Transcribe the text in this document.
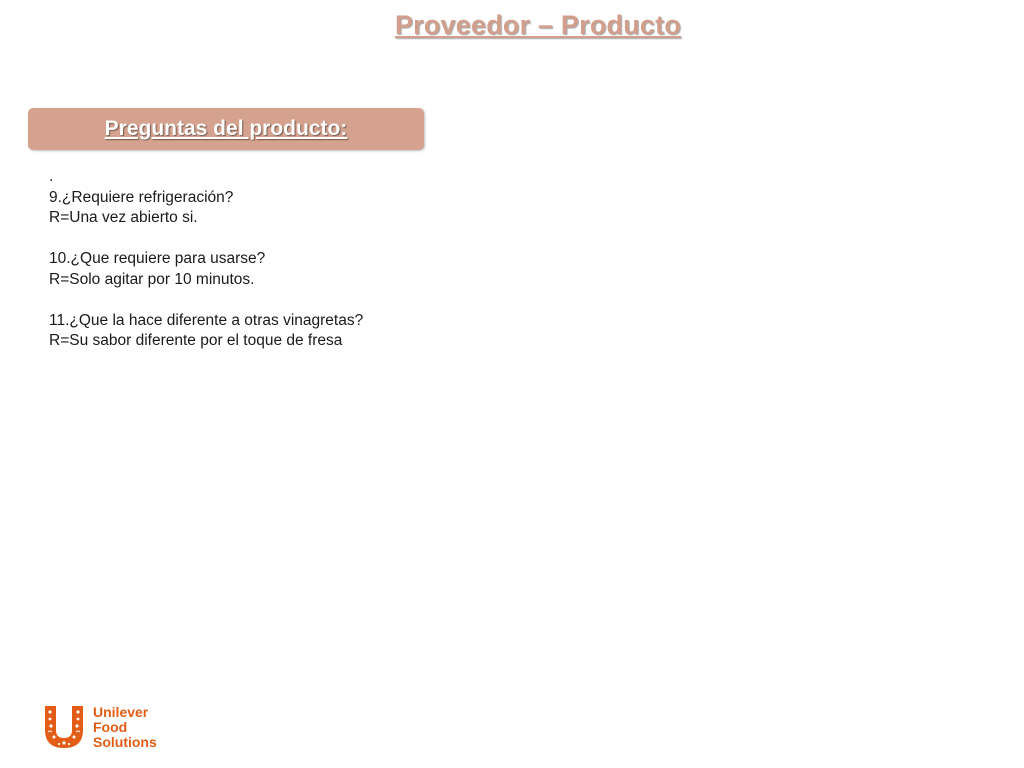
Proveedor – Producto
Preguntas del producto:
.
9.¿Requiere refrigeración?
R=Una vez abierto si.
10.¿Que requiere para usarse?
R=Solo agitar por 10 minutos.
11.¿Que la hace diferente a otras vinagretas?
R=Su sabor diferente por el toque de fresa
Unilever
Food
Solutions
